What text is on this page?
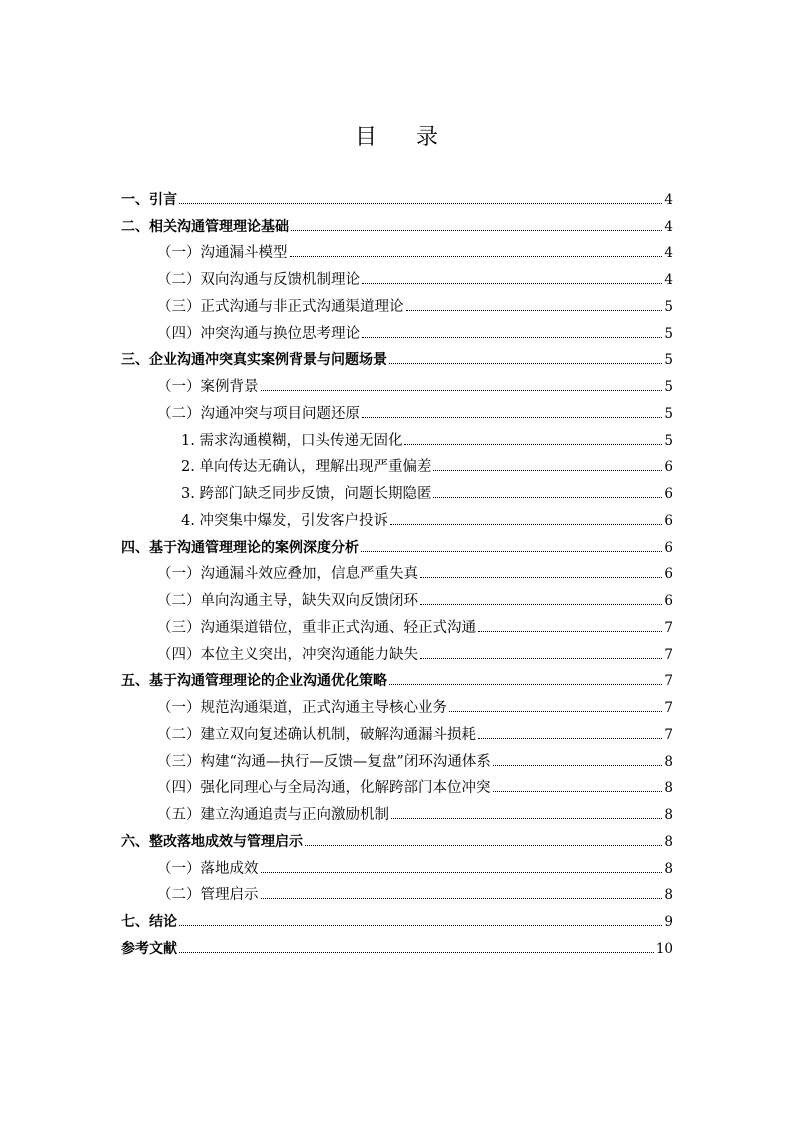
目 录
一、引言	4
二、相关沟通管理理论基础	4
（一）沟通漏斗模型	4
（二）双向沟通与反馈机制理论	4
（三）正式沟通与非正式沟通渠道理论	5
（四）冲突沟通与换位思考理论	5
三、企业沟通冲突真实案例背景与问题场景	5
（一）案例背景	5
（二）沟通冲突与项目问题还原	5
1. 需求沟通模糊，口头传递无固化	5
2. 单向传达无确认，理解出现严重偏差	6
3. 跨部门缺乏同步反馈，问题长期隐匿	6
4. 冲突集中爆发，引发客户投诉	6
四、基于沟通管理理论的案例深度分析	6
（一）沟通漏斗效应叠加，信息严重失真	6
（二）单向沟通主导，缺失双向反馈闭环	6
（三）沟通渠道错位，重非正式沟通、轻正式沟通	7
（四）本位主义突出，冲突沟通能力缺失	7
五、基于沟通管理理论的企业沟通优化策略	7
（一）规范沟通渠道，正式沟通主导核心业务	7
（二）建立双向复述确认机制，破解沟通漏斗损耗	7
（三）构建“沟通—执行—反馈—复盘”闭环沟通体系	8
（四）强化同理心与全局沟通，化解跨部门本位冲突	8
（五）建立沟通追责与正向激励机制	8
六、整改落地成效与管理启示	8
（一）落地成效	8
（二）管理启示	8
七、结论	9
参考文献	10
